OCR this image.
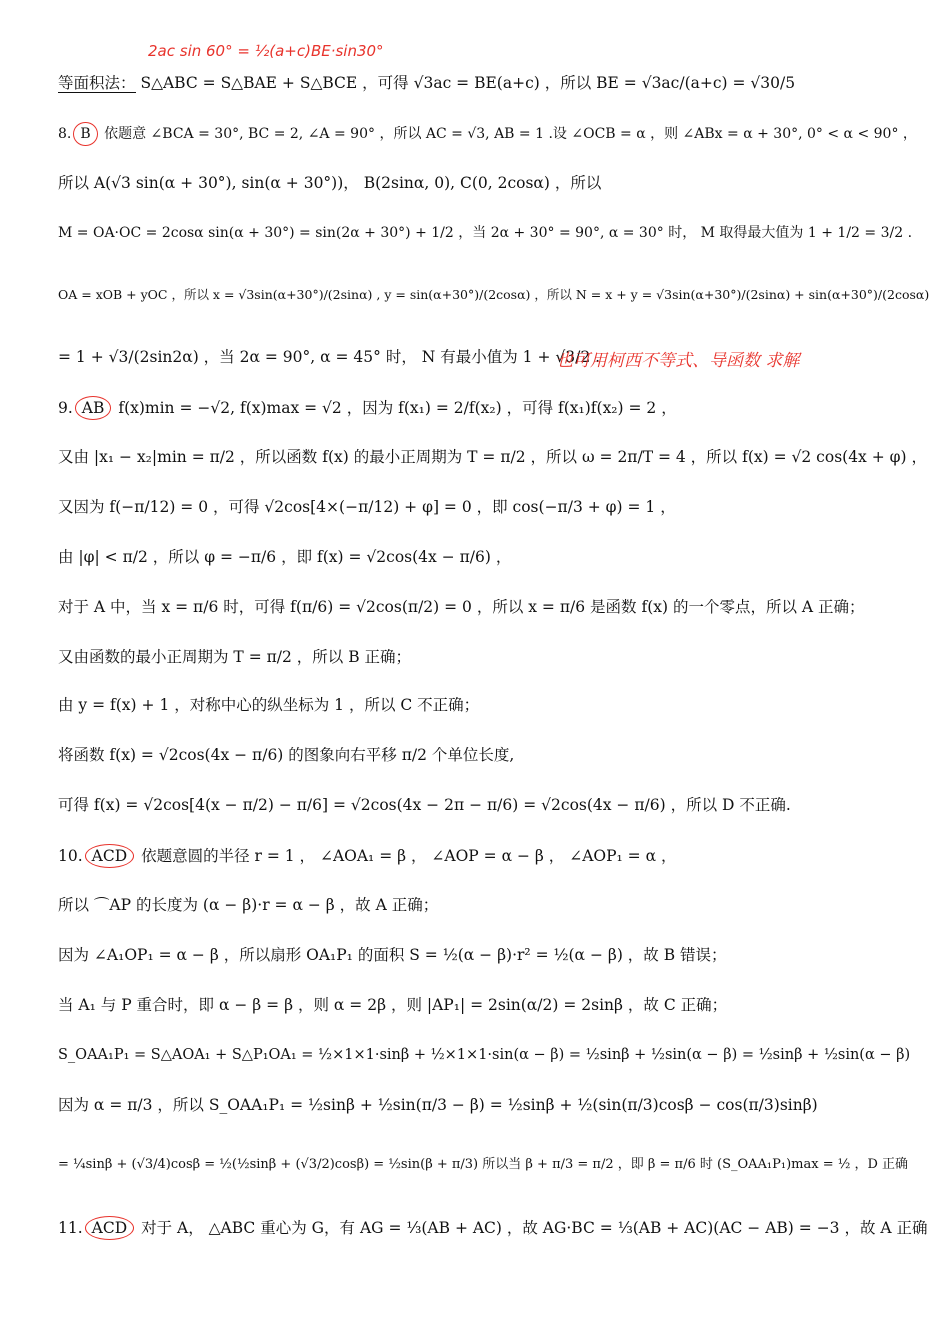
2ac sin 60° = ½(a+c)BE·sin30°
等面积法： S△ABC = S△BAE + S△BCE ，可得 √3ac = BE(a+c) ，所以 BE = √3ac/(a+c) = √30/5
8. B 依题意 ∠BCA = 30°, BC = 2, ∠A = 90° ，所以 AC = √3, AB = 1 .设 ∠OCB = α ，则 ∠ABx = α + 30°, 0° < α < 90° ，
所以 A(√3 sin(α + 30°), sin(α + 30°))， B(2sinα, 0), C(0, 2cosα) ，所以
M = OA·OC = 2cosα sin(α + 30°) = sin(2α + 30°) + 1/2 ，当 2α + 30° = 90°, α = 30° 时， M 取得最大值为 1 + 1/2 = 3/2 .
OA = xOB + yOC ，所以 x = √3sin(α+30°)/(2sinα) , y = sin(α+30°)/(2cosα) ，所以 N = x + y = √3sin(α+30°)/(2sinα) + sin(α+30°)/(2cosα)
= 1 + √3/(2sin2α) ，当 2α = 90°, α = 45° 时， N 有最小值为 1 + √3/2 .
也可用柯西不等式、导函数 求解
9. AB f(x)min = −√2, f(x)max = √2 ，因为 f(x₁) = 2/f(x₂) ，可得 f(x₁)f(x₂) = 2 ，
又由 |x₁ − x₂|min = π/2 ，所以函数 f(x) 的最小正周期为 T = π/2 ，所以 ω = 2π/T = 4 ，所以 f(x) = √2 cos(4x + φ) ，
又因为 f(−π/12) = 0 ，可得 √2cos[4×(−π/12) + φ] = 0 ，即 cos(−π/3 + φ) = 1 ，
由 |φ| < π/2 ，所以 φ = −π/6 ，即 f(x) = √2cos(4x − π/6) ，
对于 A 中，当 x = π/6 时，可得 f(π/6) = √2cos(π/2) = 0 ，所以 x = π/6 是函数 f(x) 的一个零点，所以 A 正确；
又由函数的最小正周期为 T = π/2 ，所以 B 正确；
由 y = f(x) + 1 ，对称中心的纵坐标为 1 ，所以 C 不正确；
将函数 f(x) = √2cos(4x − π/6) 的图象向右平移 π/2 个单位长度,
可得 f(x) = √2cos[4(x − π/2) − π/6] = √2cos(4x − 2π − π/6) = √2cos(4x − π/6) ，所以 D 不正确.
10. ACD 依题意圆的半径 r = 1 ， ∠AOA₁ = β ， ∠AOP = α − β ， ∠AOP₁ = α ，
所以 ⌒AP 的长度为 (α − β)·r = α − β ，故 A 正确；
因为 ∠A₁OP₁ = α − β ，所以扇形 OA₁P₁ 的面积 S = ½(α − β)·r² = ½(α − β) ，故 B 错误；
当 A₁ 与 P 重合时，即 α − β = β ，则 α = 2β ，则 |AP₁| = 2sin(α/2) = 2sinβ ，故 C 正确；
S_OAA₁P₁ = S△AOA₁ + S△P₁OA₁ = ½×1×1·sinβ + ½×1×1·sin(α − β) = ½sinβ + ½sin(α − β) = ½sinβ + ½sin(α − β)
因为 α = π/3 ，所以 S_OAA₁P₁ = ½sinβ + ½sin(π/3 − β) = ½sinβ + ½(sin(π/3)cosβ − cos(π/3)sinβ)
= ¼sinβ + (√3/4)cosβ = ½(½sinβ + (√3/2)cosβ) = ½sin(β + π/3) 所以当 β + π/3 = π/2 ，即 β = π/6 时 (S_OAA₁P₁)max = ½ ，D 正确
11. ACD 对于 A， △ABC 重心为 G，有 AG = ⅓(AB + AC) ，故 AG·BC = ⅓(AB + AC)(AC − AB) = −3 ，故 A 正确
